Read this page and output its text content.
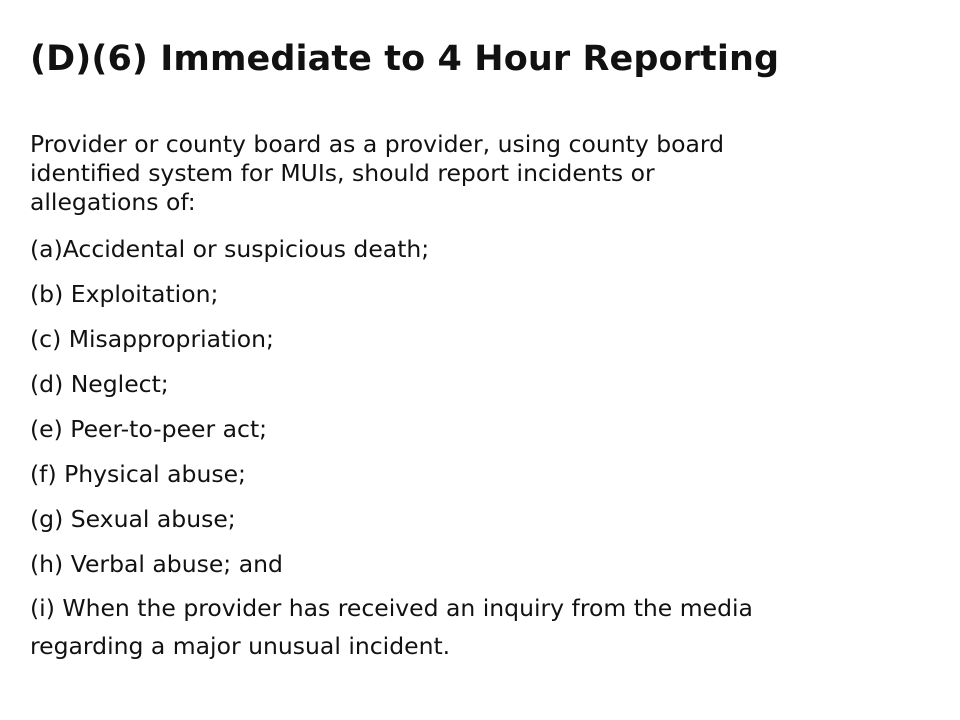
(D)(6) Immediate to 4 Hour Reporting

Provider or county board as a provider, using county board
identified system for MUIs, should report incidents or
allegations of:

(a)Accidental or suspicious death;
(b) Exploitation;
(c) Misappropriation;
(d) Neglect;
(e) Peer-to-peer act;
(f) Physical abuse;
(g) Sexual abuse;
(h) Verbal abuse; and
(i) When the provider has received an inquiry from the media
regarding a major unusual incident.
